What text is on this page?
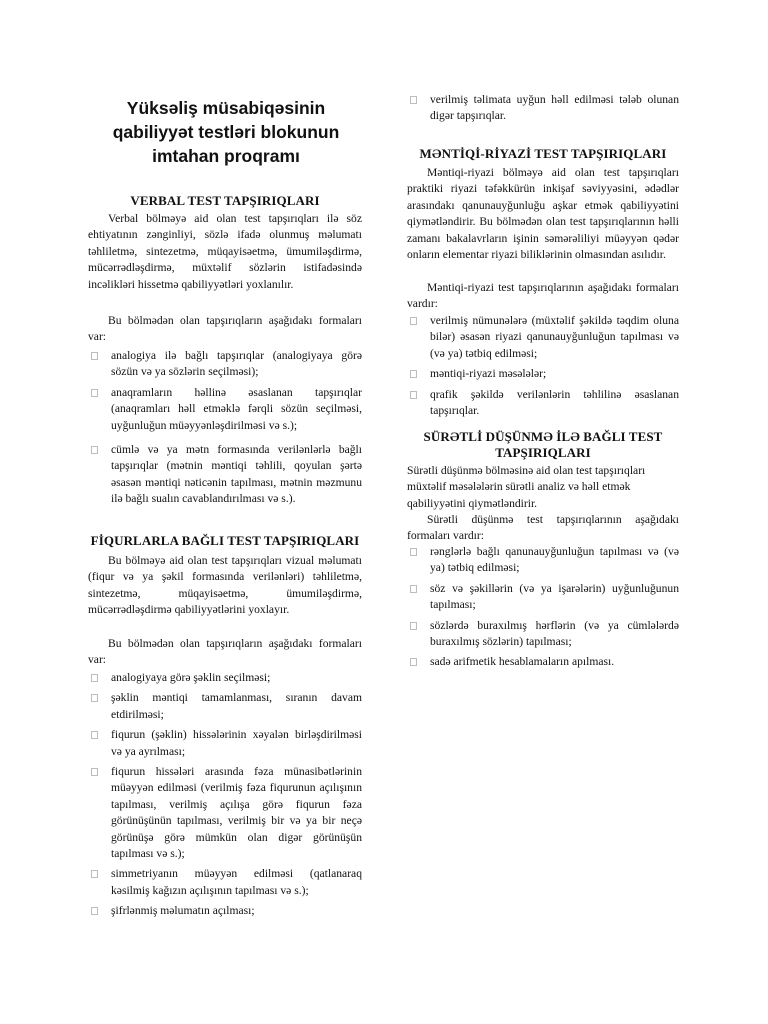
Yüksəliş müsabiqəsinin qabiliyyət testləri blokunun imtahan proqramı
VERBAL TEST TAPŞIRIQLARI

Verbal bölməyə aid olan test tapşırıqları ilə söz ehtiyatının zənginliyi, sözlə ifadə olunmuş məlumatı təhliletmə, sintezetmə, müqayisəetmə, ümumiləşdirmə, mücərrədləşdirmə, müxtəlif sözlərin istifadəsində incəlikləri hissetmə qabiliyyətləri yoxlanılır.

Bu bölmədən olan tapşırıqların aşağıdakı formaları var:

analogiya ilə bağlı tapşırıqlar (analogiyaya görə sözün və ya sözlərin seçilməsi);
anaqramların həllinə əsaslanan tapşırıqlar (anaqramları həll etməklə fərqli sözün seçilməsi, uyğunluğun müəyyənləşdirilməsi və s.);
cümlə və ya mətn formasında verilənlərlə bağlı tapşırıqlar (mətnin məntiqi təhlili, qoyulan şərtə əsasən məntiqi nəticənin tapılması, mətnin məzmunu ilə bağlı sualın cavablandırılması və s.).
FİQURLARLA BAĞLI TEST TAPŞIRIQLARI

Bu bölməyə aid olan test tapşırıqları vizual məlumatı (fiqur və ya şəkil formasında verilənləri) təhliletmə, sintezetmə, müqayisəetmə, ümumiləşdirmə, mücərrədləşdirmə qabiliyyətlərini yoxlayır.

Bu bölmədən olan tapşırıqların aşağıdakı formaları var:

analogiyaya görə şəklin seçilməsi;
şəklin məntiqi tamamlanması, sıranın davam etdirilməsi;
fiqurun (şəklin) hissələrinin xəyalən birləşdirilməsi və ya ayrılması;
fiqurun hissələri arasında fəza münasibətlərinin müəyyən edilməsi (verilmiş fəza fiqurunun açılışının tapılması, verilmiş açılışa görə fiqurun fəza görünüşünün tapılması, verilmiş bir və ya bir neçə görünüşə görə mümkün olan digər görünüşün tapılması və s.);
simmetriyanın müəyyən edilməsi (qatlanaraq kəsilmiş kağızın açılışının tapılması və s.);
şifrlənmiş məlumatın açılması;
verilmiş təlimata uyğun həll edilməsi tələb olunan digər tapşırıqlar.
MƏNTİQİ-RİYAZİ TEST TAPŞIRIQLARI

Məntiqi-riyazi bölməyə aid olan test tapşırıqları praktiki riyazi təfəkkürün inkişaf səviyyəsini, ədədlər arasındakı qanunauyğunluğu aşkar etmək qabiliyyətini qiymətləndirir. Bu bölmədən olan test tapşırıqlarının həlli zamanı bakalavrların işinin səmərəliliyi müəyyən qədər onların elementar riyazi biliklərinin olmasından asılıdır.

Məntiqi-riyazi test tapşırıqlarının aşağıdakı formaları vardır:

verilmiş nümunələrə (müxtəlif şəkildə təqdim oluna bilər) əsasən riyazi qanunauyğunluğun tapılması və (və ya) tətbiq edilməsi;
məntiqi-riyazi məsələlər;
qrafik şəkildə verilənlərin təhlilinə əsaslanan tapşırıqlar.
SÜRƏTLİ DÜŞÜNMƏ İLƏ BAĞLI TEST
TAPŞIRIQLARI

Sürətli düşünmə bölməsinə aid olan test tapşırıqları müxtəlif məsələlərin sürətli analiz və həll etmək qabiliyyətini qiymətləndirir.

Sürətli düşünmə test tapşırıqlarının aşağıdakı formaları vardır:

rənglərlə bağlı qanunauyğunluğun tapılması və (və ya) tətbiq edilməsi;
söz və şəkillərin (və ya işarələrin) uyğunluğunun tapılması;
sözlərdə buraxılmış hərflərin (və ya cümlələrdə buraxılmış sözlərin) tapılması;
sadə arifmetik hesablamaların apılması.
